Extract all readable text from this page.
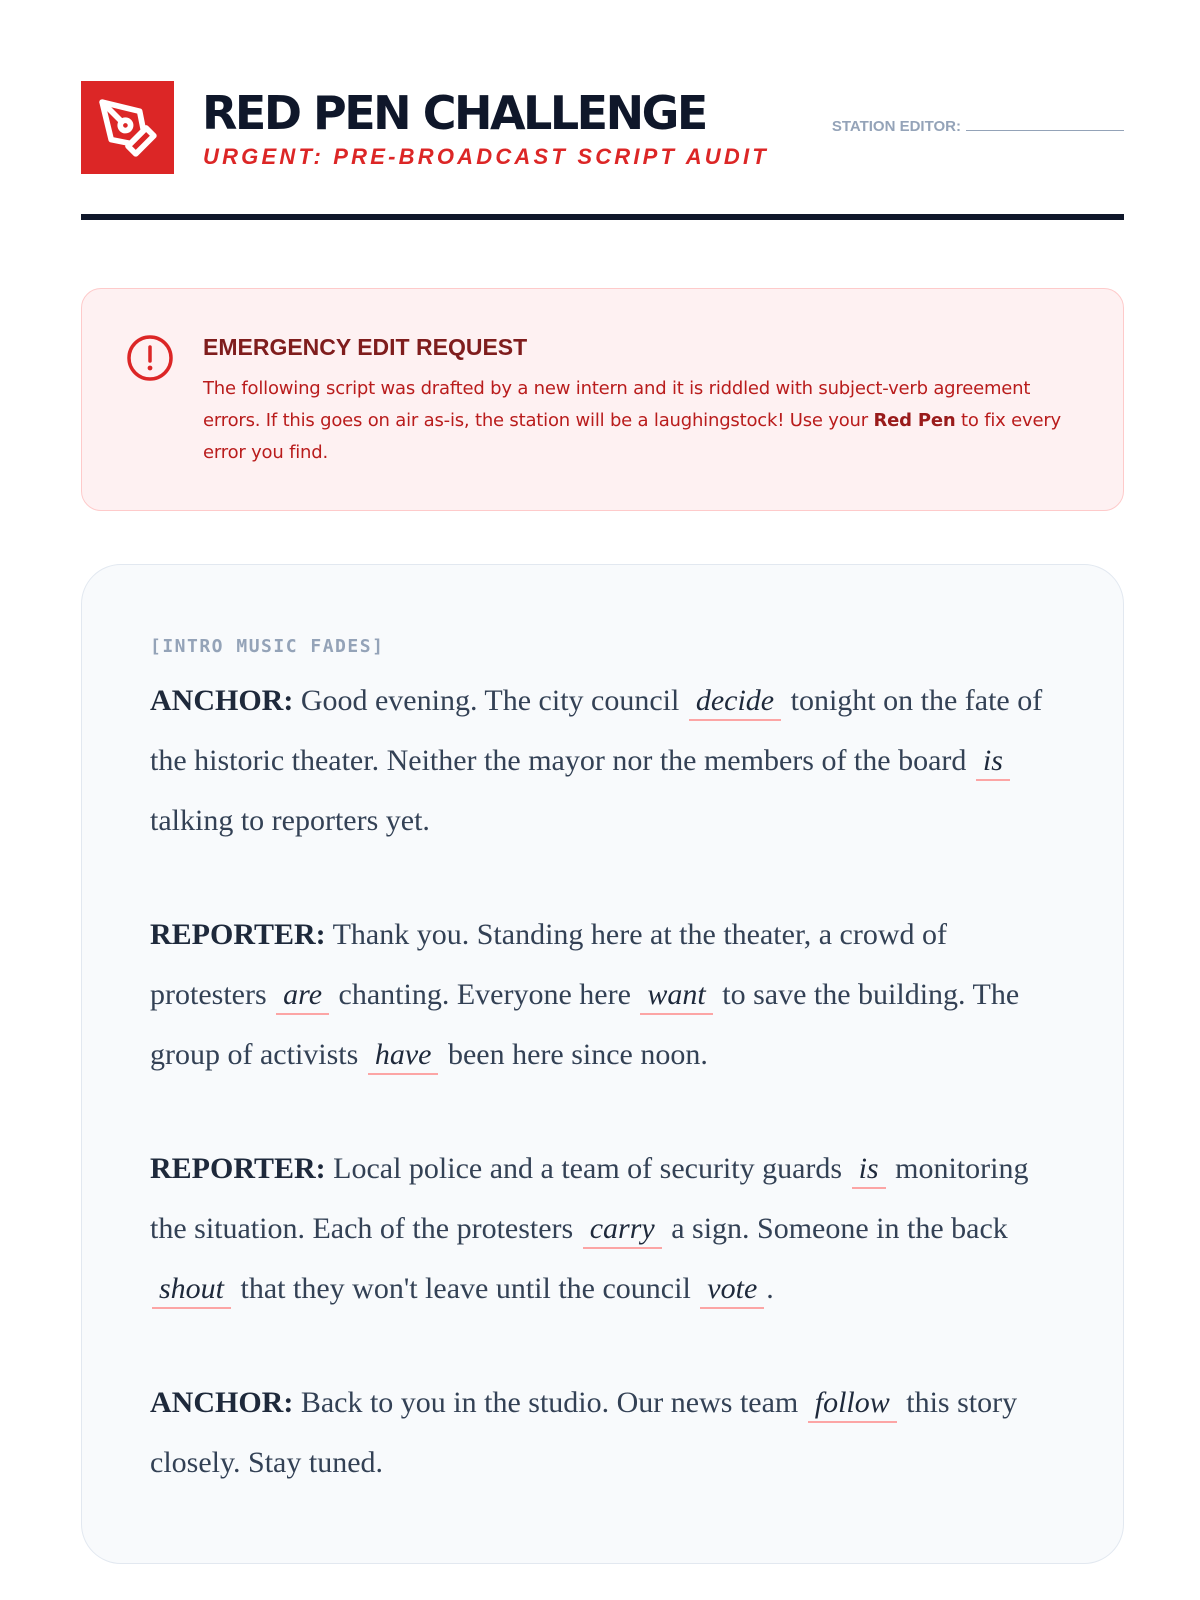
RED PEN CHALLENGE
URGENT: PRE-BROADCAST SCRIPT AUDIT
STATION EDITOR:
EMERGENCY EDIT REQUEST
The following script was drafted by a new intern and it is riddled with subject-verb agreement errors. If this goes on air as-is, the station will be a laughingstock! Use your Red Pen to fix every error you find.
[INTRO MUSIC FADES]

ANCHOR: Good evening. The city council decide tonight on the fate of the historic theater. Neither the mayor nor the members of the board is talking to reporters yet.

REPORTER: Thank you. Standing here at the theater, a crowd of protesters are chanting. Everyone here want to save the building. The group of activists have been here since noon.

REPORTER: Local police and a team of security guards is monitoring the situation. Each of the protesters carry a sign. Someone in the back shout that they won't leave until the council vote .

ANCHOR: Back to you in the studio. Our news team follow this story closely. Stay tuned.
